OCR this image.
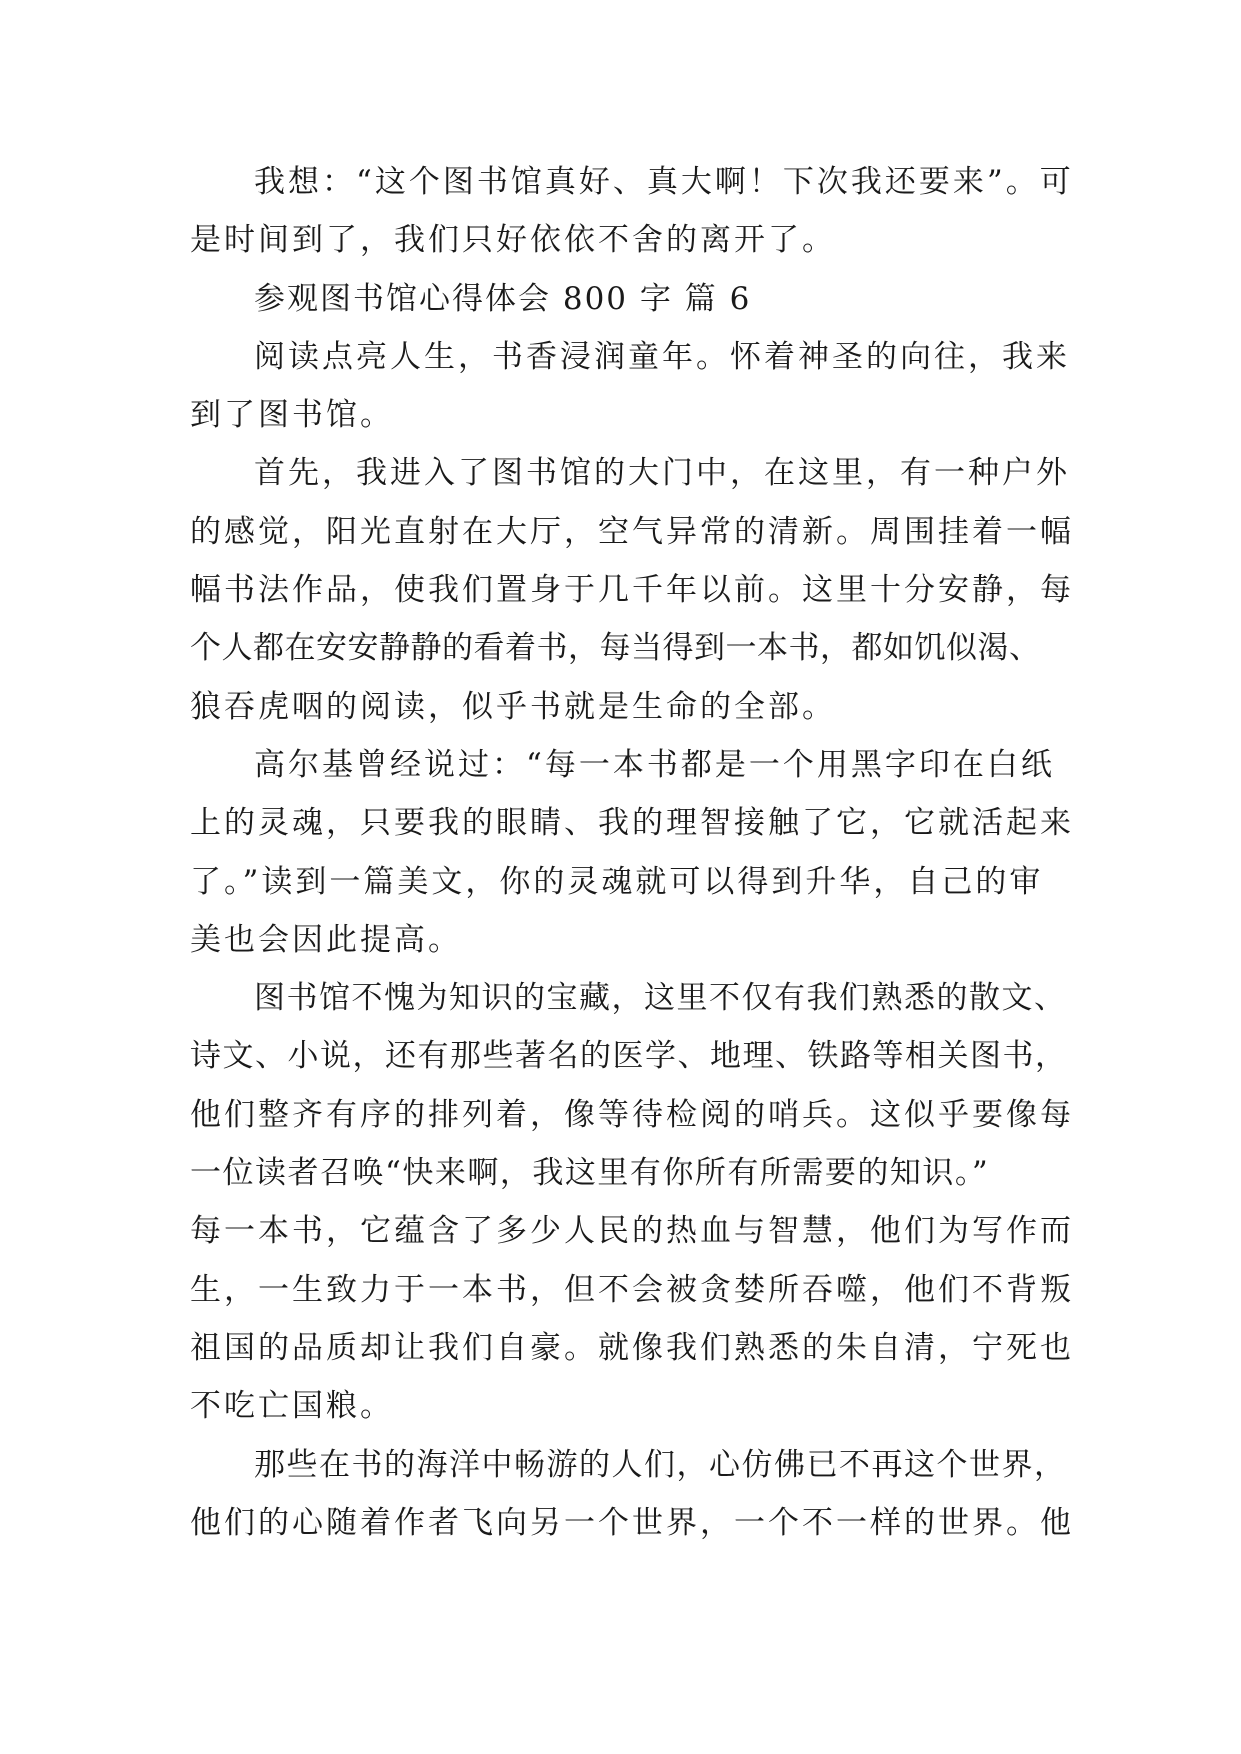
我想：“这个图书馆真好、真大啊！下次我还要来”。可
是时间到了，我们只好依依不舍的离开了。
参观图书馆心得体会 800 字 篇 6
阅读点亮人生，书香浸润童年。怀着神圣的向往，我来
到了图书馆。
首先，我进入了图书馆的大门中，在这里，有一种户外
的感觉，阳光直射在大厅，空气异常的清新。周围挂着一幅
幅书法作品，使我们置身于几千年以前。这里十分安静，每
个人都在安安静静的看着书，每当得到一本书，都如饥似渴、
狼吞虎咽的阅读，似乎书就是生命的全部。
高尔基曾经说过：“每一本书都是一个用黑字印在白纸
上的灵魂，只要我的眼睛、我的理智接触了它，它就活起来
了。”读到一篇美文，你的灵魂就可以得到升华，自己的审
美也会因此提高。
图书馆不愧为知识的宝藏，这里不仅有我们熟悉的散文、
诗文、小说，还有那些著名的医学、地理、铁路等相关图书，
他们整齐有序的排列着，像等待检阅的哨兵。这似乎要像每
一位读者召唤“快来啊，我这里有你所有所需要的知识。”
每一本书，它蕴含了多少人民的热血与智慧，他们为写作而
生，一生致力于一本书，但不会被贪婪所吞噬，他们不背叛
祖国的品质却让我们自豪。就像我们熟悉的朱自清，宁死也
不吃亡国粮。
那些在书的海洋中畅游的人们，心仿佛已不再这个世界，
他们的心随着作者飞向另一个世界，一个不一样的世界。他
